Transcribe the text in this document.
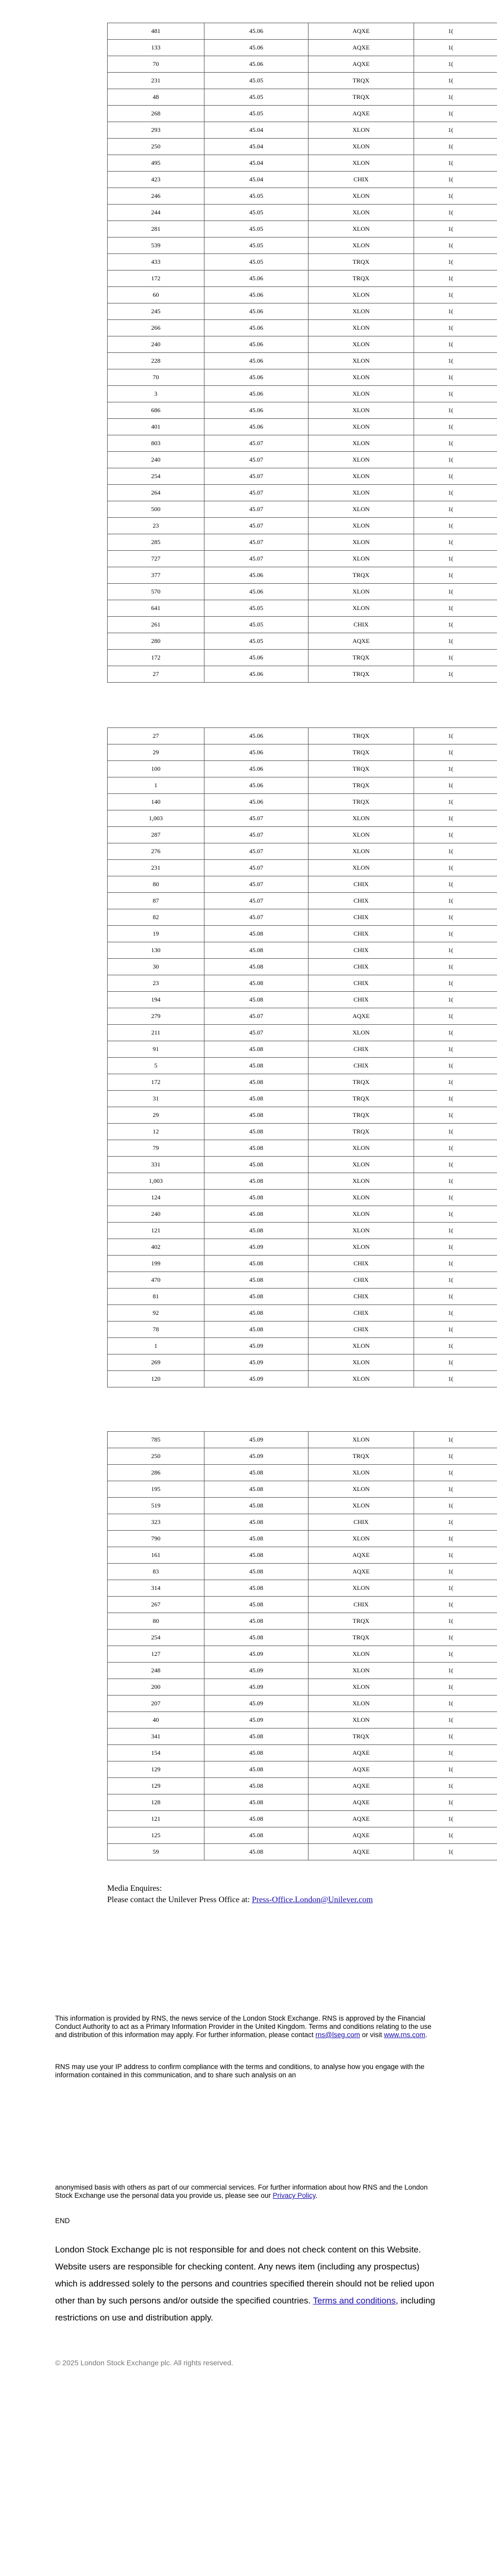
481	45.06	AQXE	1(
133	45.06	AQXE	1(
70	45.06	AQXE	1(
231	45.05	TRQX	1(
48	45.05	TRQX	1(
268	45.05	AQXE	1(
293	45.04	XLON	1(
250	45.04	XLON	1(
495	45.04	XLON	1(
423	45.04	CHIX	1(
246	45.05	XLON	1(
244	45.05	XLON	1(
281	45.05	XLON	1(
539	45.05	XLON	1(
433	45.05	TRQX	1(
172	45.06	TRQX	1(
60	45.06	XLON	1(
245	45.06	XLON	1(
266	45.06	XLON	1(
240	45.06	XLON	1(
228	45.06	XLON	1(
70	45.06	XLON	1(
3	45.06	XLON	1(
686	45.06	XLON	1(
401	45.06	XLON	1(
803	45.07	XLON	1(
240	45.07	XLON	1(
254	45.07	XLON	1(
264	45.07	XLON	1(
500	45.07	XLON	1(
23	45.07	XLON	1(
285	45.07	XLON	1(
727	45.07	XLON	1(
377	45.06	TRQX	1(
570	45.06	XLON	1(
641	45.05	XLON	1(
261	45.05	CHIX	1(
280	45.05	AQXE	1(
172	45.06	TRQX	1(
27	45.06	TRQX	1(
27	45.06	TRQX	1(
29	45.06	TRQX	1(
100	45.06	TRQX	1(
1	45.06	TRQX	1(
140	45.06	TRQX	1(
1,003	45.07	XLON	1(
287	45.07	XLON	1(
276	45.07	XLON	1(
231	45.07	XLON	1(
80	45.07	CHIX	1(
87	45.07	CHIX	1(
82	45.07	CHIX	1(
19	45.08	CHIX	1(
130	45.08	CHIX	1(
30	45.08	CHIX	1(
23	45.08	CHIX	1(
194	45.08	CHIX	1(
279	45.07	AQXE	1(
211	45.07	XLON	1(
91	45.08	CHIX	1(
5	45.08	CHIX	1(
172	45.08	TRQX	1(
31	45.08	TRQX	1(
29	45.08	TRQX	1(
12	45.08	TRQX	1(
79	45.08	XLON	1(
331	45.08	XLON	1(
1,003	45.08	XLON	1(
124	45.08	XLON	1(
240	45.08	XLON	1(
121	45.08	XLON	1(
402	45.09	XLON	1(
199	45.08	CHIX	1(
470	45.08	CHIX	1(
81	45.08	CHIX	1(
92	45.08	CHIX	1(
78	45.08	CHIX	1(
1	45.09	XLON	1(
269	45.09	XLON	1(
120	45.09	XLON	1(
785	45.09	XLON	1(
250	45.09	TRQX	1(
286	45.08	XLON	1(
195	45.08	XLON	1(
519	45.08	XLON	1(
323	45.08	CHIX	1(
790	45.08	XLON	1(
161	45.08	AQXE	1(
83	45.08	AQXE	1(
314	45.08	XLON	1(
267	45.08	CHIX	1(
80	45.08	TRQX	1(
254	45.08	TRQX	1(
127	45.09	XLON	1(
248	45.09	XLON	1(
200	45.09	XLON	1(
207	45.09	XLON	1(
40	45.09	XLON	1(
341	45.08	TRQX	1(
154	45.08	AQXE	1(
129	45.08	AQXE	1(
129	45.08	AQXE	1(
128	45.08	AQXE	1(
121	45.08	AQXE	1(
125	45.08	AQXE	1(
59	45.08	AQXE	1(
Media Enquires:
Please contact the Unilever Press Office at: Press-Office.London@Unilever.com

This information is provided by RNS, the news service of the London Stock Exchange. RNS is approved by the Financial Conduct Authority to act as a Primary Information Provider in the United Kingdom. Terms and conditions relating to the use and distribution of this information may apply. For further information, please contact rns@lseg.com or visit www.rns.com.

RNS may use your IP address to confirm compliance with the terms and conditions, to analyse how you engage with the information contained in this communication, and to share such analysis on an

anonymised basis with others as part of our commercial services. For further information about how RNS and the London Stock Exchange use the personal data you provide us, please see our Privacy Policy.

END
London Stock Exchange plc is not responsible for and does not check content on this Website. Website users are responsible for checking content. Any news item (including any prospectus) which is addressed solely to the persons and countries specified therein should not be relied upon other than by such persons and/or outside the specified countries. Terms and conditions, including restrictions on use and distribution apply.
© 2025 London Stock Exchange plc. All rights reserved.
